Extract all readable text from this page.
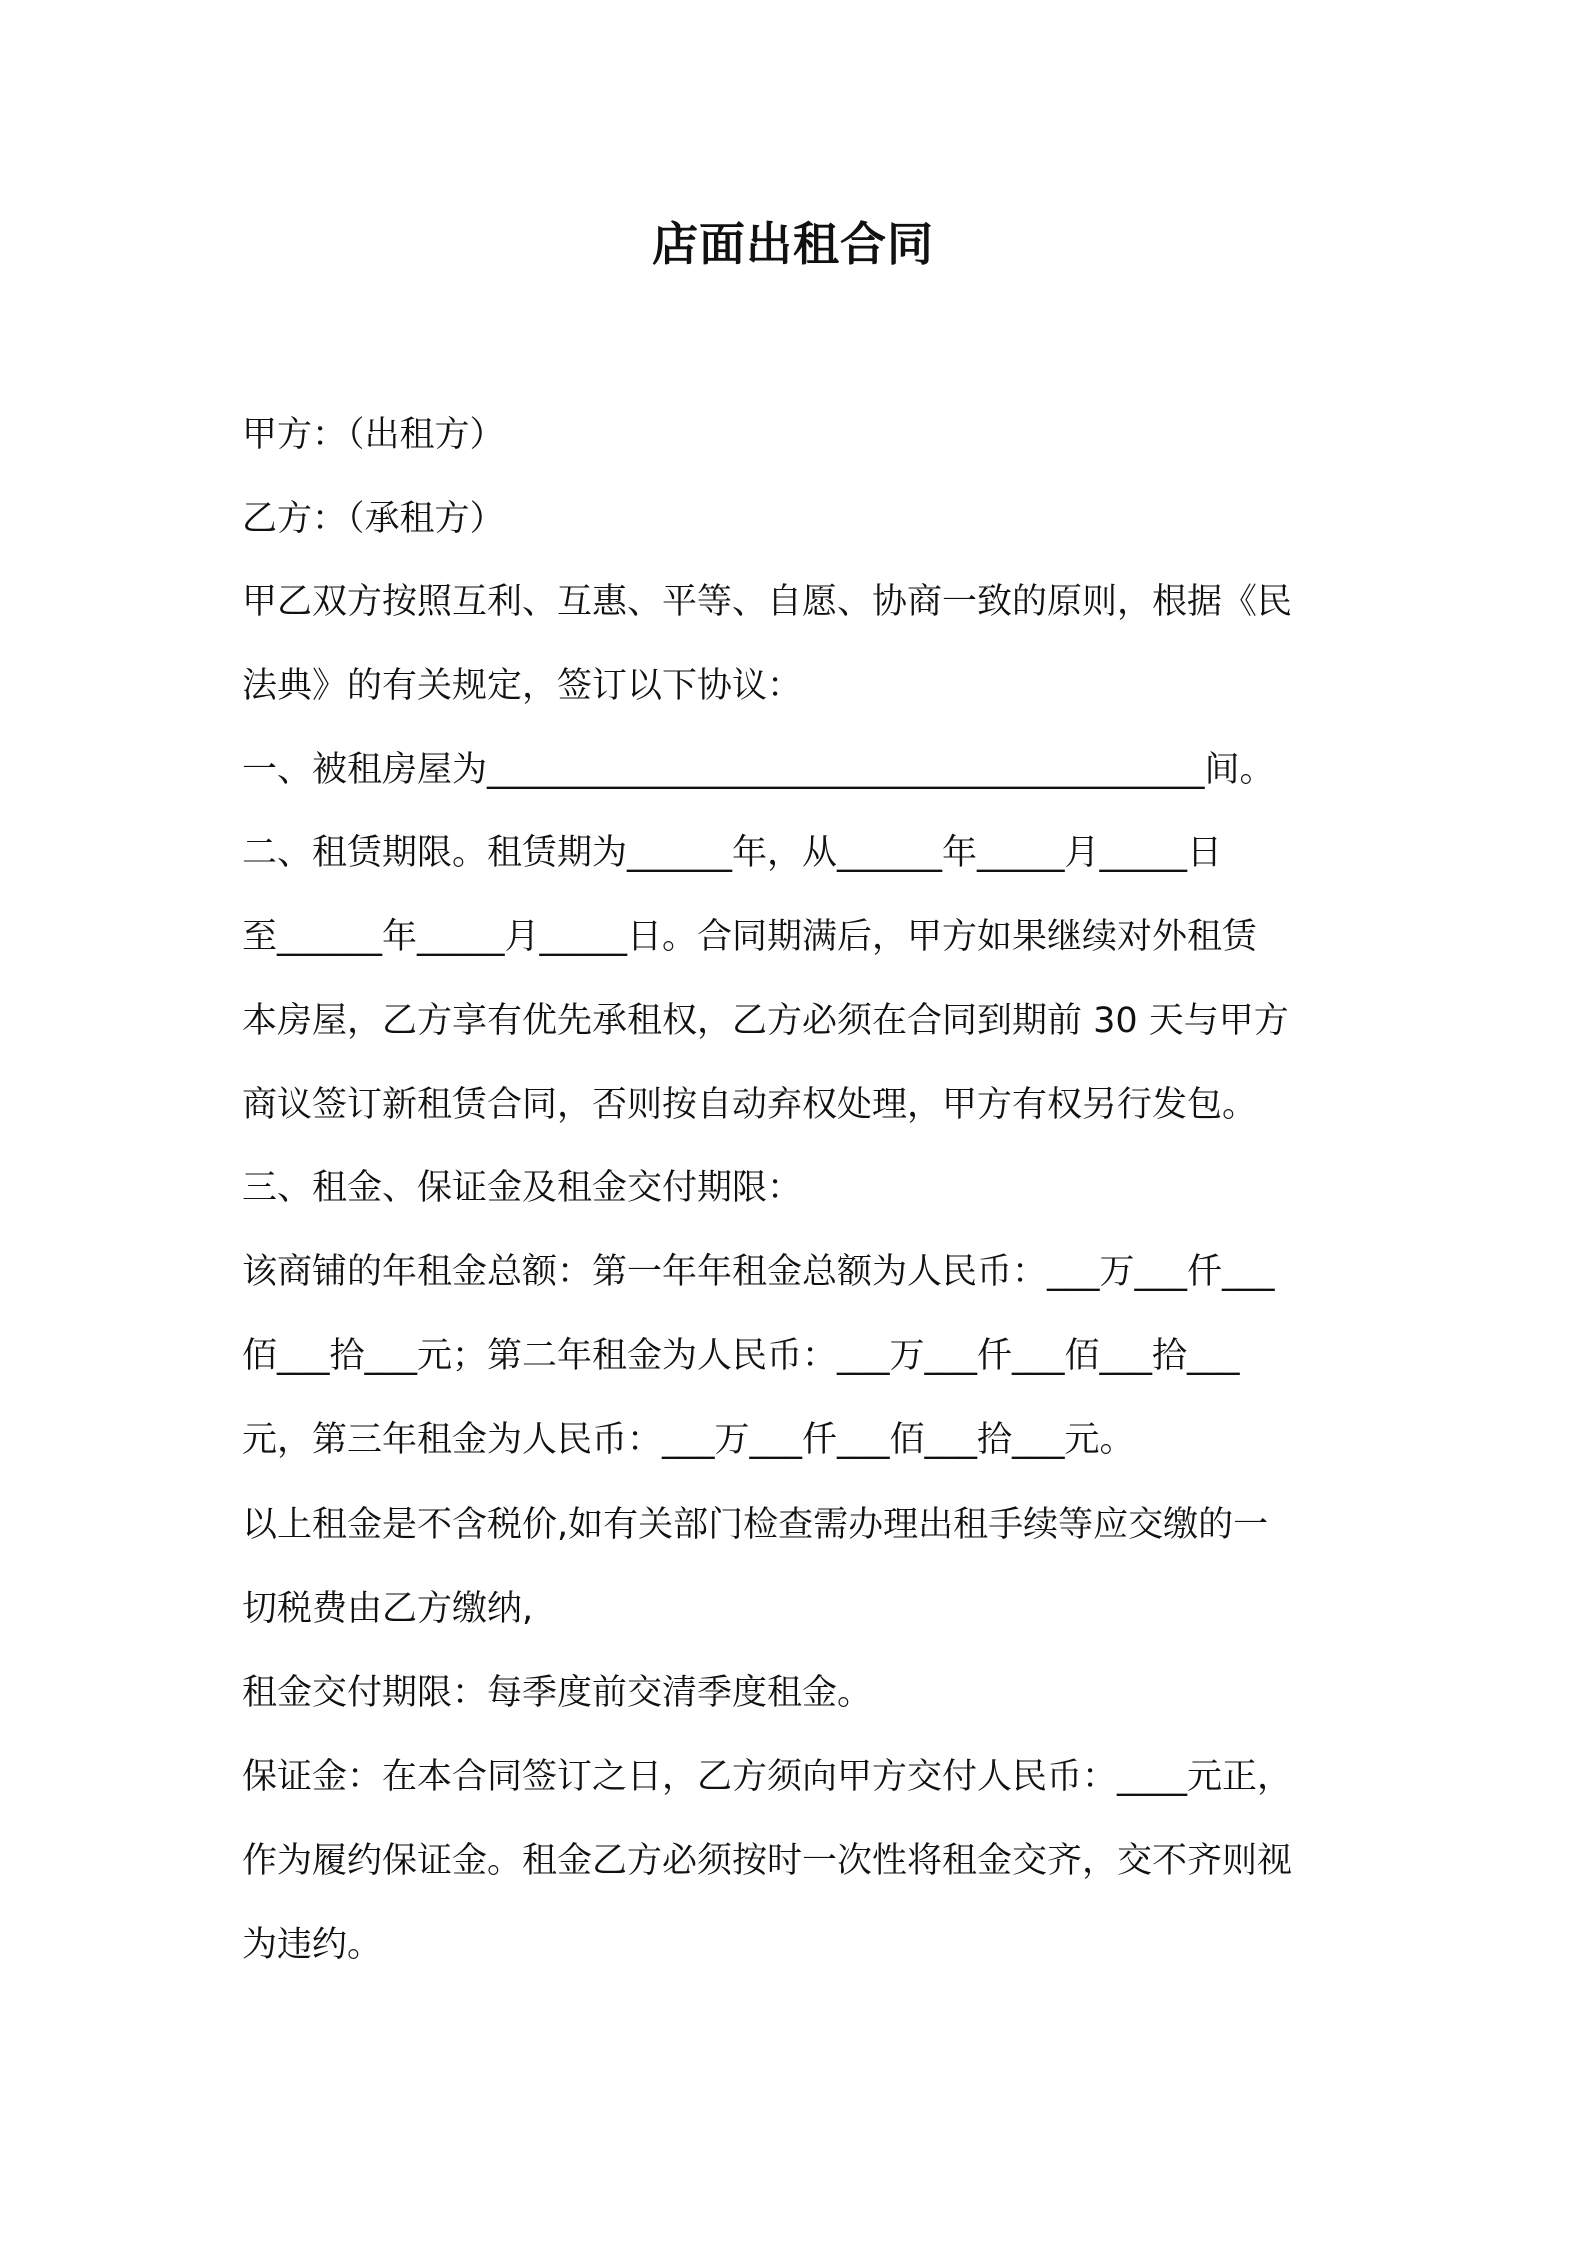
店面出租合同

甲方：（出租方）

乙方：（承租方）

甲乙双方按照互利、互惠、平等、自愿、协商一致的原则，根据《民

法典》的有关规定，签订以下协议：

一、被租房屋为_________________________________________间。

二、租赁期限。租赁期为______年，从______年_____月_____日

至______年_____月_____日。合同期满后，甲方如果继续对外租赁

本房屋，乙方享有优先承租权，乙方必须在合同到期前 30 天与甲方

商议签订新租赁合同，否则按自动弃权处理，甲方有权另行发包。

三、租金、保证金及租金交付期限：

该商铺的年租金总额：第一年年租金总额为人民币：___万___仟___

佰___拾___元；第二年租金为人民币：___万___仟___佰___拾___

元，第三年租金为人民币：___万___仟___佰___拾___元。

以上租金是不含税价,如有关部门检查需办理出租手续等应交缴的一

切税费由乙方缴纳,

租金交付期限：每季度前交清季度租金。

保证金：在本合同签订之日，乙方须向甲方交付人民币：____元正，

作为履约保证金。租金乙方必须按时一次性将租金交齐，交不齐则视

为违约。
